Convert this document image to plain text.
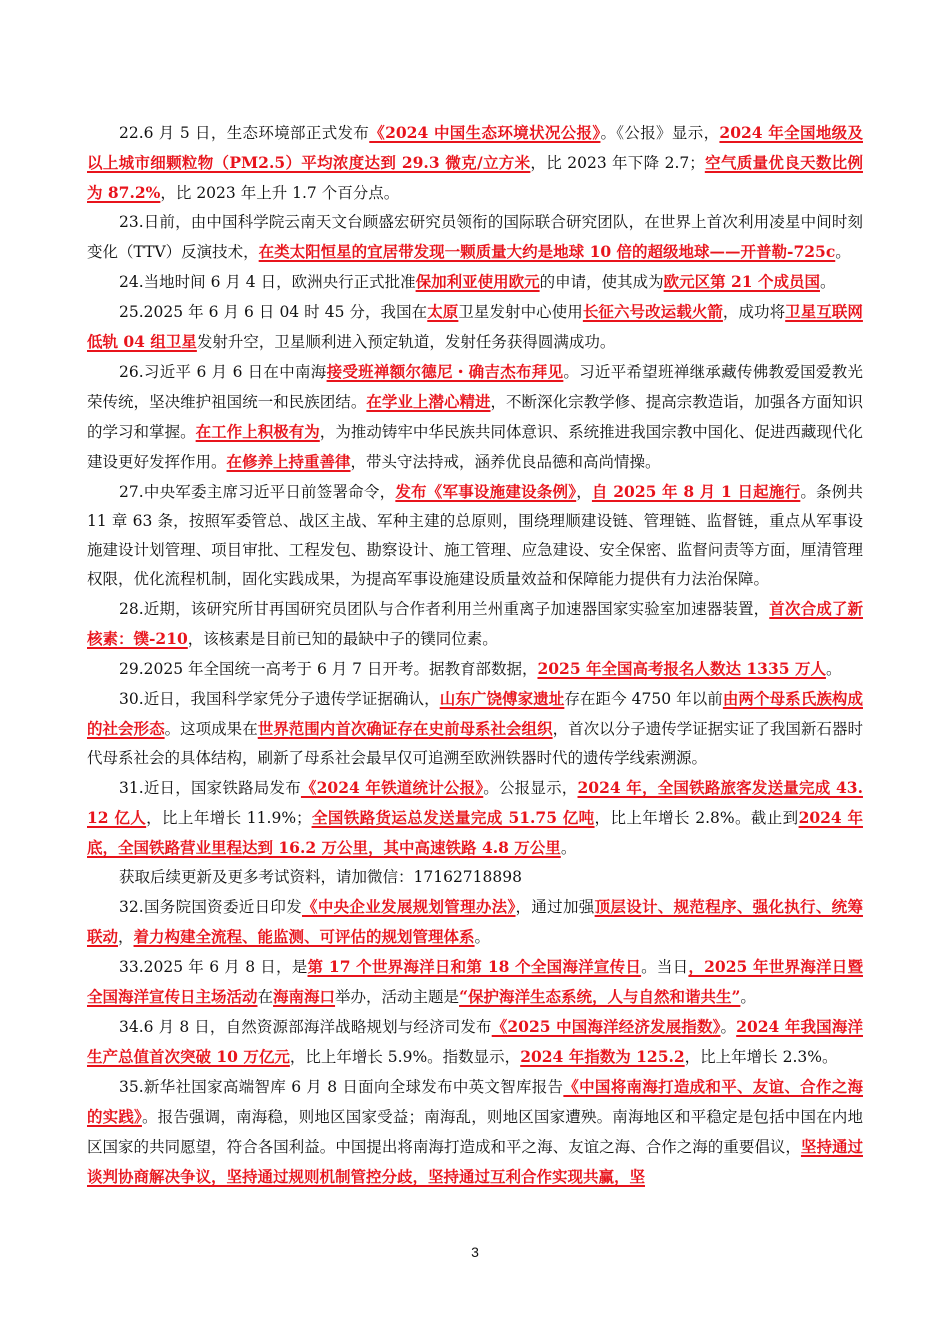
22.6 月 5 日，生态环境部正式发布《2024 中国生态环境状况公报》。《公报》显示，2024 年全国地级及以上城市细颗粒物（PM2.5）平均浓度达到 29.3 微克/立方米，比 2023 年下降 2.7；空气质量优良天数比例为 87.2%，比 2023 年上升 1.7 个百分点。

23.日前，由中国科学院云南天文台顾盛宏研究员领衔的国际联合研究团队，在世界上首次利用凌星中间时刻变化（TTV）反演技术，在类太阳恒星的宜居带发现一颗质量大约是地球 10 倍的超级地球——开普勒-725c。

24.当地时间 6 月 4 日，欧洲央行正式批准保加利亚使用欧元的申请，使其成为欧元区第 21 个成员国。

25.2025 年 6 月 6 日 04 时 45 分，我国在太原卫星发射中心使用长征六号改运载火箭，成功将卫星互联网低轨 04 组卫星发射升空，卫星顺利进入预定轨道，发射任务获得圆满成功。

26.习近平 6 月 6 日在中南海接受班禅额尔德尼・确吉杰布拜见。习近平希望班禅继承藏传佛教爱国爱教光荣传统，坚决维护祖国统一和民族团结。在学业上潜心精进，不断深化宗教学修、提高宗教造诣，加强各方面知识的学习和掌握。在工作上积极有为，为推动铸牢中华民族共同体意识、系统推进我国宗教中国化、促进西藏现代化建设更好发挥作用。在修养上持重善律，带头守法持戒，涵养优良品德和高尚情操。

27.中央军委主席习近平日前签署命令，发布《军事设施建设条例》，自 2025 年 8 月 1 日起施行。条例共 11 章 63 条，按照军委管总、战区主战、军种主建的总原则，围绕理顺建设链、管理链、监督链，重点从军事设施建设计划管理、项目审批、工程发包、勘察设计、施工管理、应急建设、安全保密、监督问责等方面，厘清管理权限，优化流程机制，固化实践成果，为提高军事设施建设质量效益和保障能力提供有力法治保障。

28.近期，该研究所甘再国研究员团队与合作者利用兰州重离子加速器国家实验室加速器装置，首次合成了新核素：镤-210，该核素是目前已知的最缺中子的镤同位素。

29.2025 年全国统一高考于 6 月 7 日开考。据教育部数据，2025 年全国高考报名人数达 1335 万人。

30.近日，我国科学家凭分子遗传学证据确认，山东广饶傅家遗址存在距今 4750 年以前由两个母系氏族构成的社会形态。这项成果在世界范围内首次确证存在史前母系社会组织，首次以分子遗传学证据实证了我国新石器时代母系社会的具体结构，刷新了母系社会最早仅可追溯至欧洲铁器时代的遗传学线索溯源。

31.近日，国家铁路局发布《2024 年铁道统计公报》。公报显示，2024 年，全国铁路旅客发送量完成 43.12 亿人，比上年增长 11.9%；全国铁路货运总发送量完成 51.75 亿吨，比上年增长 2.8%。截止到2024 年底，全国铁路营业里程达到 16.2 万公里，其中高速铁路 4.8 万公里。

获取后续更新及更多考试资料，请加微信：17162718898

32.国务院国资委近日印发《中央企业发展规划管理办法》，通过加强顶层设计、规范程序、强化执行、统筹联动，着力构建全流程、能监测、可评估的规划管理体系。

33.2025 年 6 月 8 日，是第 17 个世界海洋日和第 18 个全国海洋宣传日。当日，2025 年世界海洋日暨全国海洋宣传日主场活动在海南海口举办，活动主题是“保护海洋生态系统，人与自然和谐共生”。

34.6 月 8 日，自然资源部海洋战略规划与经济司发布《2025 中国海洋经济发展指数》。2024 年我国海洋生产总值首次突破 10 万亿元，比上年增长 5.9%。指数显示，2024 年指数为 125.2，比上年增长 2.3%。

35.新华社国家高端智库 6 月 8 日面向全球发布中英文智库报告《中国将南海打造成和平、友谊、合作之海的实践》。报告强调，南海稳，则地区国家受益；南海乱，则地区国家遭殃。南海地区和平稳定是包括中国在内地区国家的共同愿望，符合各国利益。中国提出将南海打造成和平之海、友谊之海、合作之海的重要倡议，坚持通过谈判协商解决争议，坚持通过规则机制管控分歧，坚持通过互利合作实现共赢，坚

3
